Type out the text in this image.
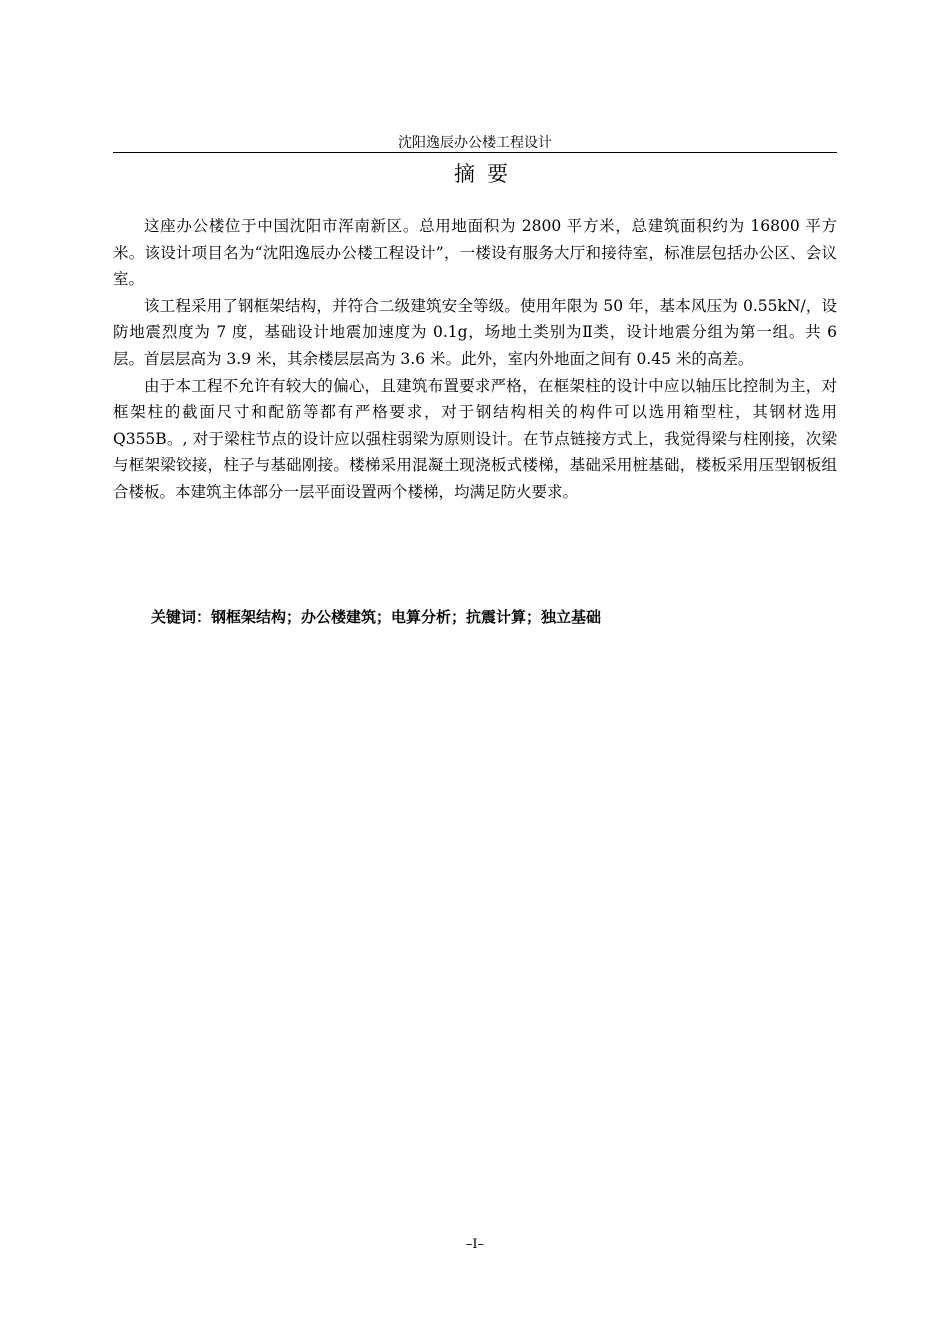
沈阳逸辰办公楼工程设计
摘要

这座办公楼位于中国沈阳市浑南新区。总用地面积为 2800 平方米，总建筑面积约为 16800 平方米。该设计项目名为“沈阳逸辰办公楼工程设计”，一楼设有服务大厅和接待室，标准层包括办公区、会议室。

该工程采用了钢框架结构，并符合二级建筑安全等级。使用年限为 50 年，基本风压为 0.55kN/，设防地震烈度为 7 度，基础设计地震加速度为 0.1g，场地土类别为Ⅱ类，设计地震分组为第一组。共 6 层。首层层高为 3.9 米，其余楼层层高为 3.6 米。此外，室内外地面之间有 0.45 米的高差。

由于本工程不允许有较大的偏心，且建筑布置要求严格，在框架柱的设计中应以轴压比控制为主，对框架柱的截面尺寸和配筋等都有严格要求，对于钢结构相关的构件可以选用箱型柱，其钢材选用 Q355B。, 对于梁柱节点的设计应以强柱弱梁为原则设计。在节点链接方式上，我觉得梁与柱刚接，次梁与框架梁铰接，柱子与基础刚接。楼梯采用混凝土现浇板式楼梯，基础采用桩基础，楼板采用压型钢板组合楼板。本建筑主体部分一层平面设置两个楼梯，均满足防火要求。

关键词：钢框架结构；办公楼建筑；电算分析；抗震计算；独立基础
–I–
